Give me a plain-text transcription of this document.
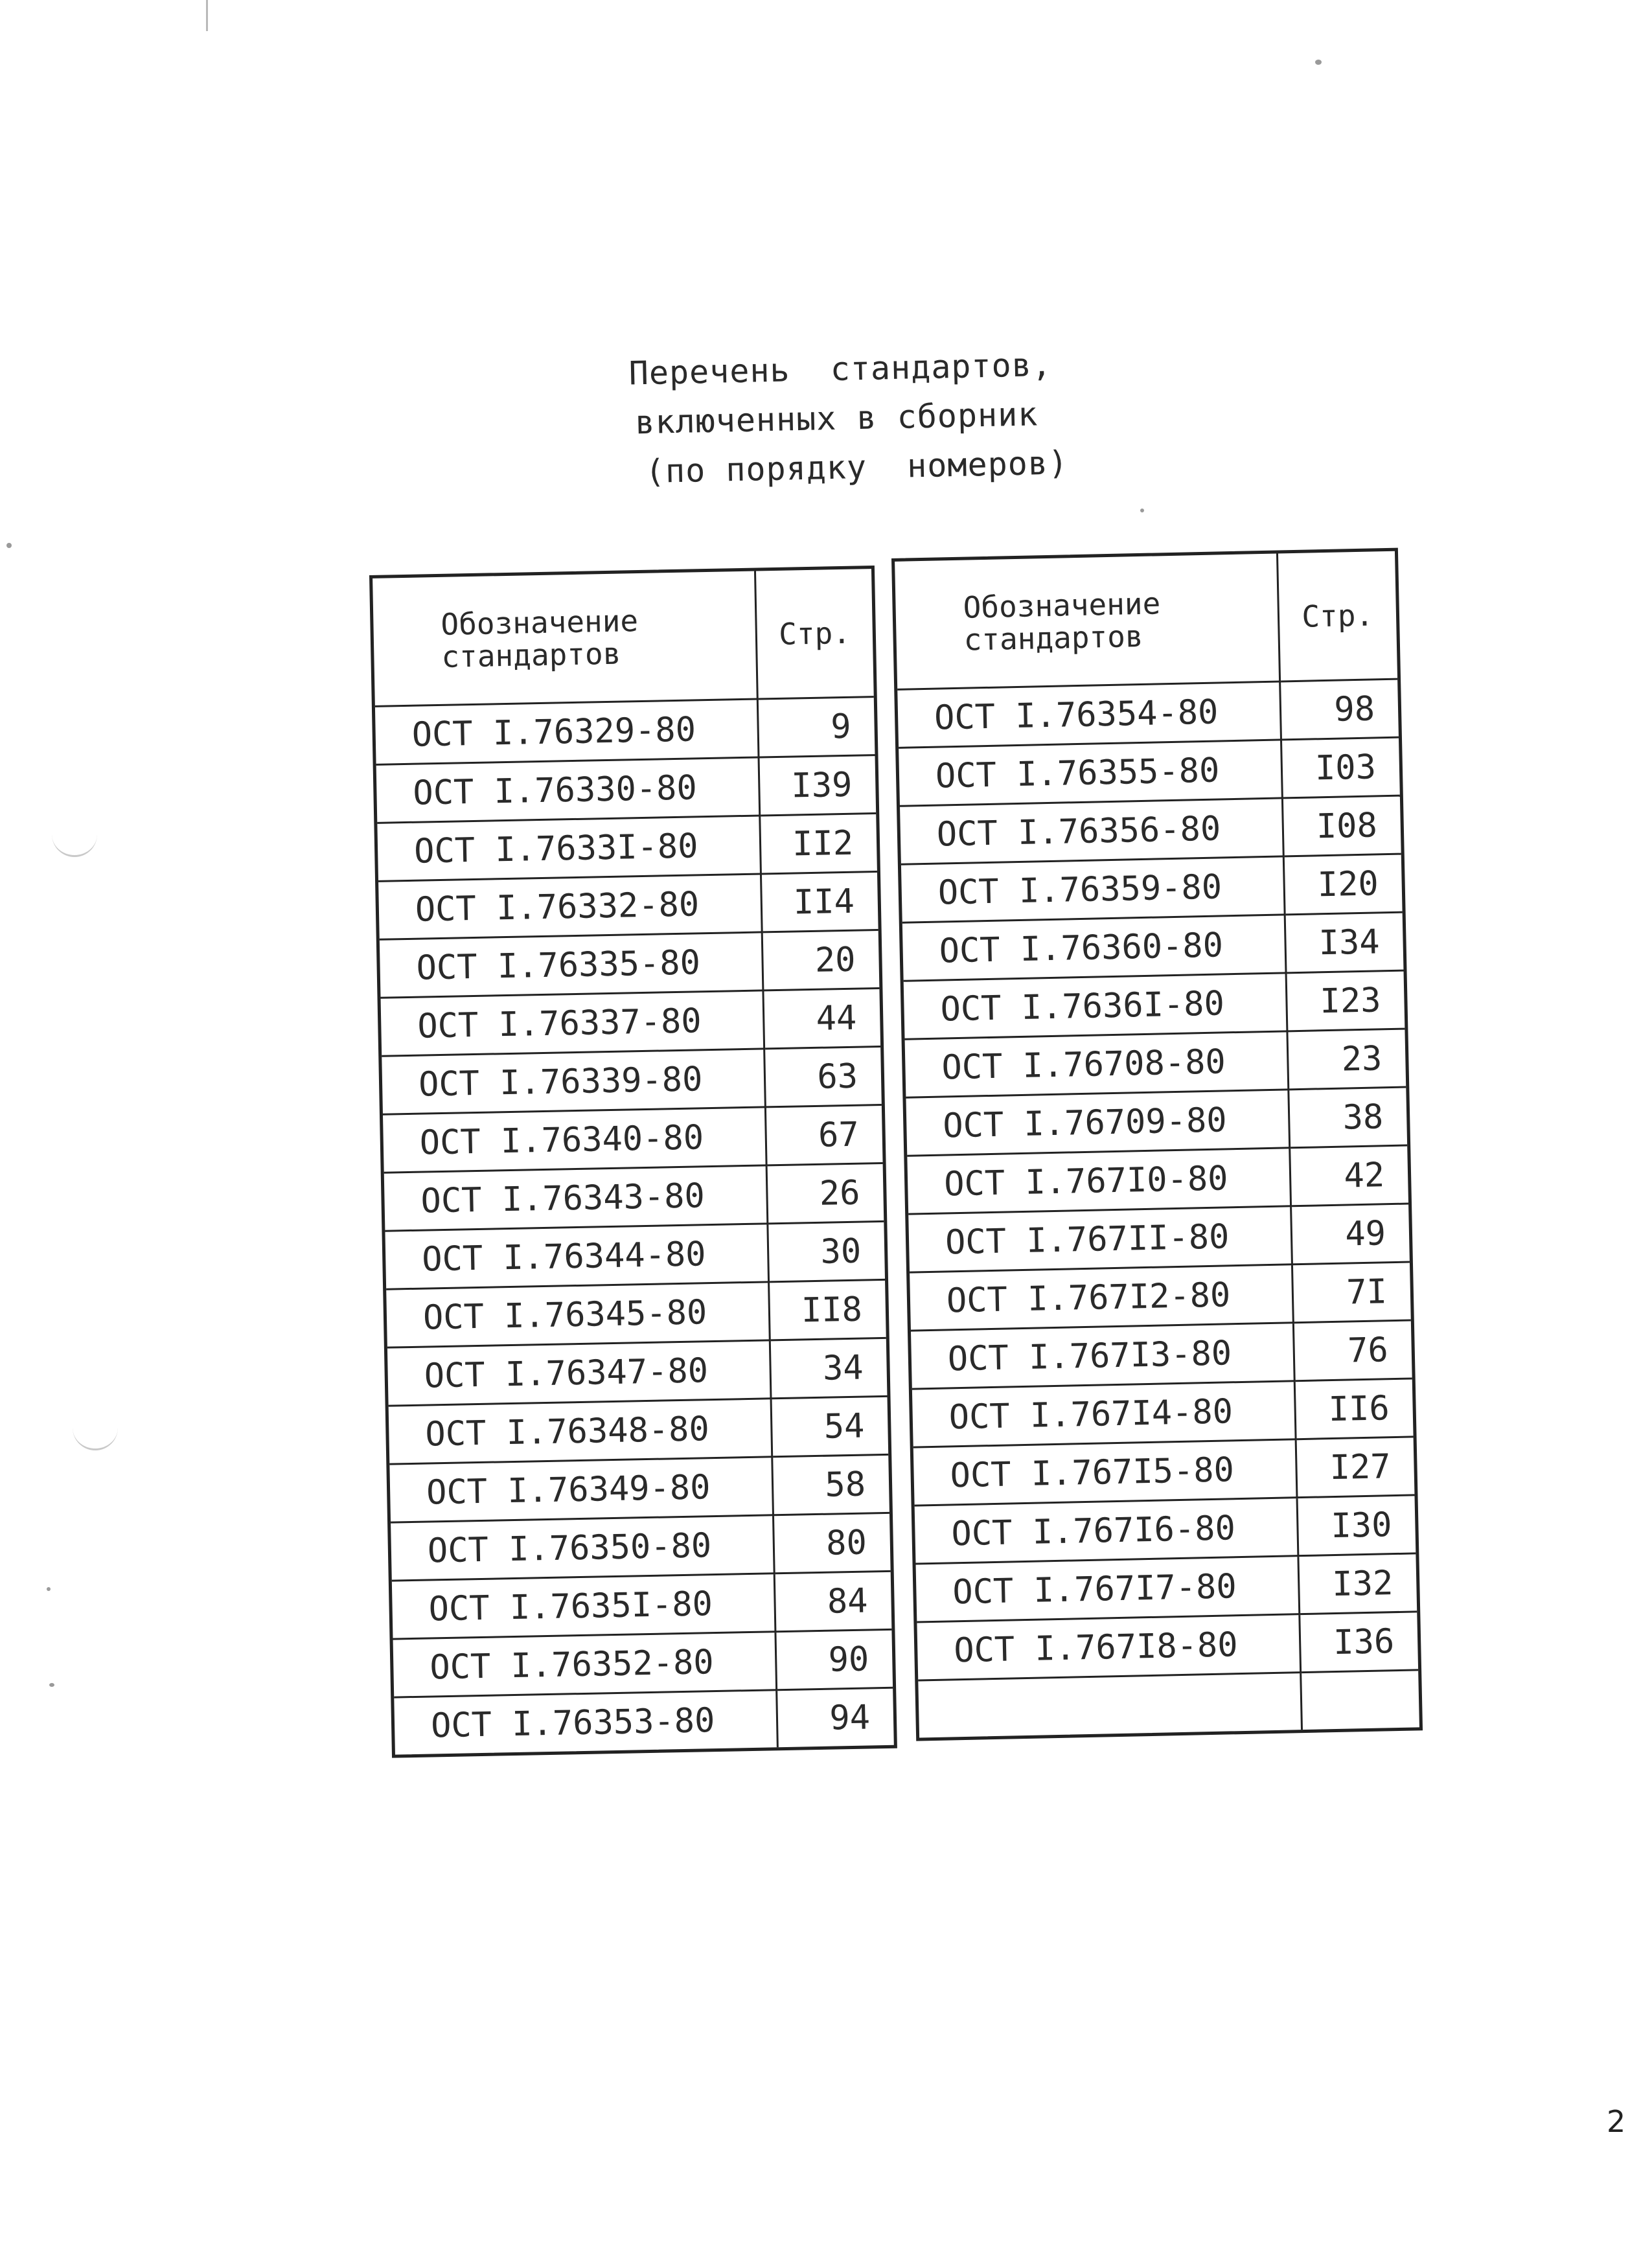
Перечень  стандартов,
включенных в сборник
(по порядку  номеров)
Обозначение стандартов	Стр.
ОСТ I.76329-80	9
ОСТ I.76330-80	I39
ОСТ I.7633I-80	II2
ОСТ I.76332-80	II4
ОСТ I.76335-80	20
ОСТ I.76337-80	44
ОСТ I.76339-80	63
ОСТ I.76340-80	67
ОСТ I.76343-80	26
ОСТ I.76344-80	30
ОСТ I.76345-80	II8
ОСТ I.76347-80	34
ОСТ I.76348-80	54
ОСТ I.76349-80	58
ОСТ I.76350-80	80
ОСТ I.7635I-80	84
ОСТ I.76352-80	90
ОСТ I.76353-80	94
Обозначение стандартов	Стр.
ОСТ I.76354-80	98
ОСТ I.76355-80	I03
ОСТ I.76356-80	I08
ОСТ I.76359-80	I20
ОСТ I.76360-80	I34
ОСТ I.7636I-80	I23
ОСТ I.76708-80	23
ОСТ I.76709-80	38
ОСТ I.767I0-80	42
ОСТ I.767II-80	49
ОСТ I.767I2-80	7I
ОСТ I.767I3-80	76
ОСТ I.767I4-80	II6
ОСТ I.767I5-80	I27
ОСТ I.767I6-80	I30
ОСТ I.767I7-80	I32
ОСТ I.767I8-80	I36

2
